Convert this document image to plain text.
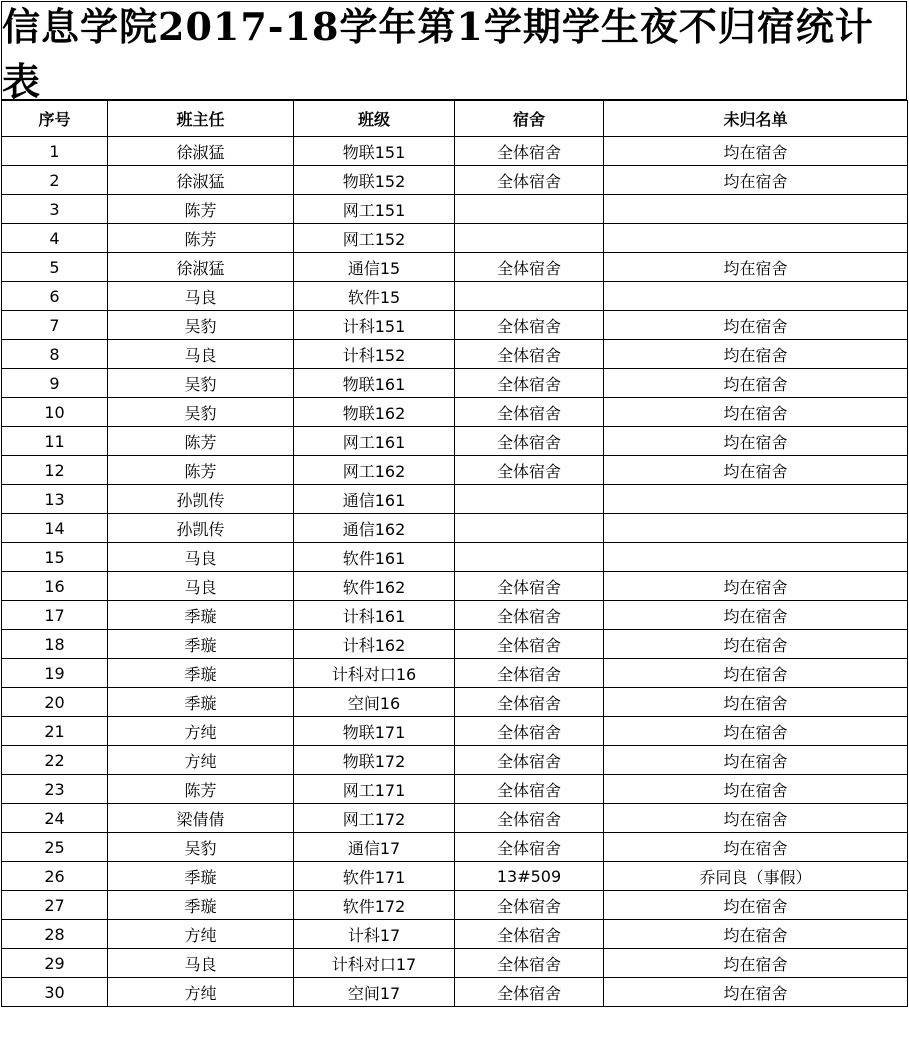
信息学院2017-18学年第1学期学生夜不归宿统计表
序号	班主任	班级	宿舍	未归名单
1	徐淑猛	物联151	全体宿舍	均在宿舍
2	徐淑猛	物联152	全体宿舍	均在宿舍
3	陈芳	网工151		
4	陈芳	网工152		
5	徐淑猛	通信15	全体宿舍	均在宿舍
6	马良	软件15		
7	吴豹	计科151	全体宿舍	均在宿舍
8	马良	计科152	全体宿舍	均在宿舍
9	吴豹	物联161	全体宿舍	均在宿舍
10	吴豹	物联162	全体宿舍	均在宿舍
11	陈芳	网工161	全体宿舍	均在宿舍
12	陈芳	网工162	全体宿舍	均在宿舍
13	孙凯传	通信161		
14	孙凯传	通信162		
15	马良	软件161		
16	马良	软件162	全体宿舍	均在宿舍
17	季璇	计科161	全体宿舍	均在宿舍
18	季璇	计科162	全体宿舍	均在宿舍
19	季璇	计科对口16	全体宿舍	均在宿舍
20	季璇	空间16	全体宿舍	均在宿舍
21	方纯	物联171	全体宿舍	均在宿舍
22	方纯	物联172	全体宿舍	均在宿舍
23	陈芳	网工171	全体宿舍	均在宿舍
24	梁倩倩	网工172	全体宿舍	均在宿舍
25	吴豹	通信17	全体宿舍	均在宿舍
26	季璇	软件171	13#509	乔同良（事假）
27	季璇	软件172	全体宿舍	均在宿舍
28	方纯	计科17	全体宿舍	均在宿舍
29	马良	计科对口17	全体宿舍	均在宿舍
30	方纯	空间17	全体宿舍	均在宿舍
